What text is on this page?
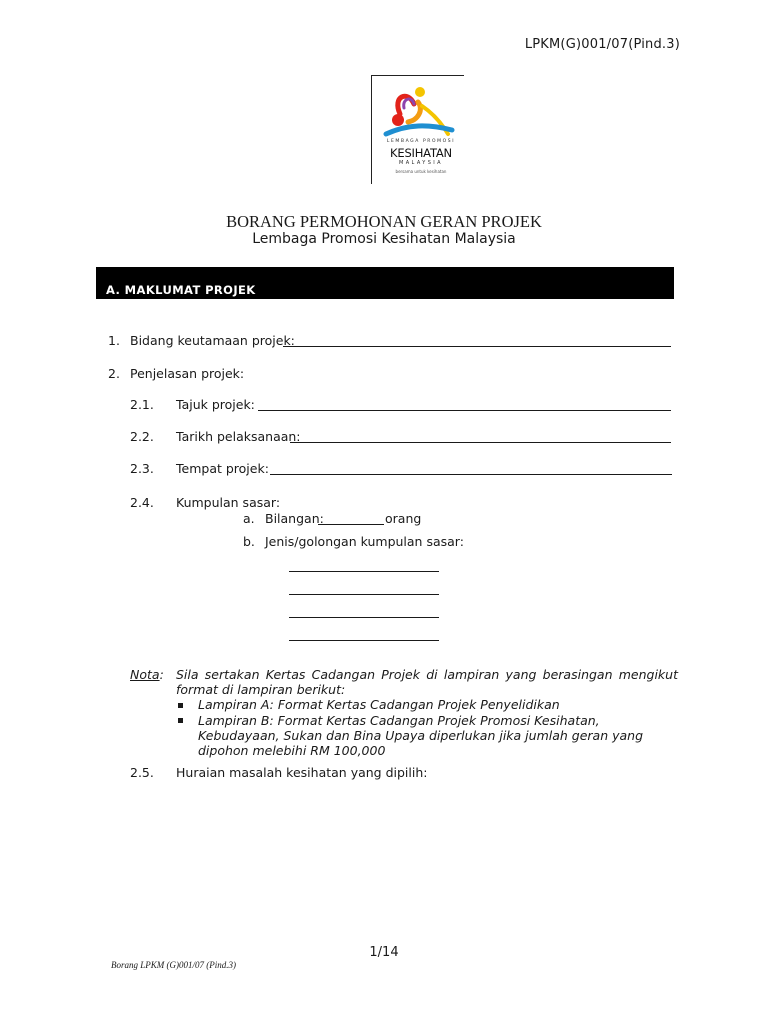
LPKM(G)001/07(Pind.3)
LEMBAGA PROMOSI
KESIHATAN
MALAYSIA
bersama untuk kesihatan
BORANG PERMOHONAN GERAN PROJEK
Lembaga Promosi Kesihatan Malaysia
A. MAKLUMAT PROJEK
1. Bidang keutamaan projek:
2. Penjelasan projek:
2.1. Tajuk projek:
2.2. Tarikh pelaksanaan:
2.3. Tempat projek:
2.4. Kumpulan sasar:
a. Bilangan:	orang
b. Jenis/golongan kumpulan sasar:
Nota: Sila sertakan Kertas Cadangan Projek di lampiran yang berasingan mengikut format di lampiran berikut:
Lampiran A: Format Kertas Cadangan Projek Penyelidikan
Lampiran B: Format Kertas Cadangan Projek Promosi Kesihatan, Kebudayaan, Sukan dan Bina Upaya diperlukan jika jumlah geran yang dipohon melebihi RM 100,000
2.5. Huraian masalah kesihatan yang dipilih:
1/14
Borang LPKM (G)001/07 (Pind.3)
